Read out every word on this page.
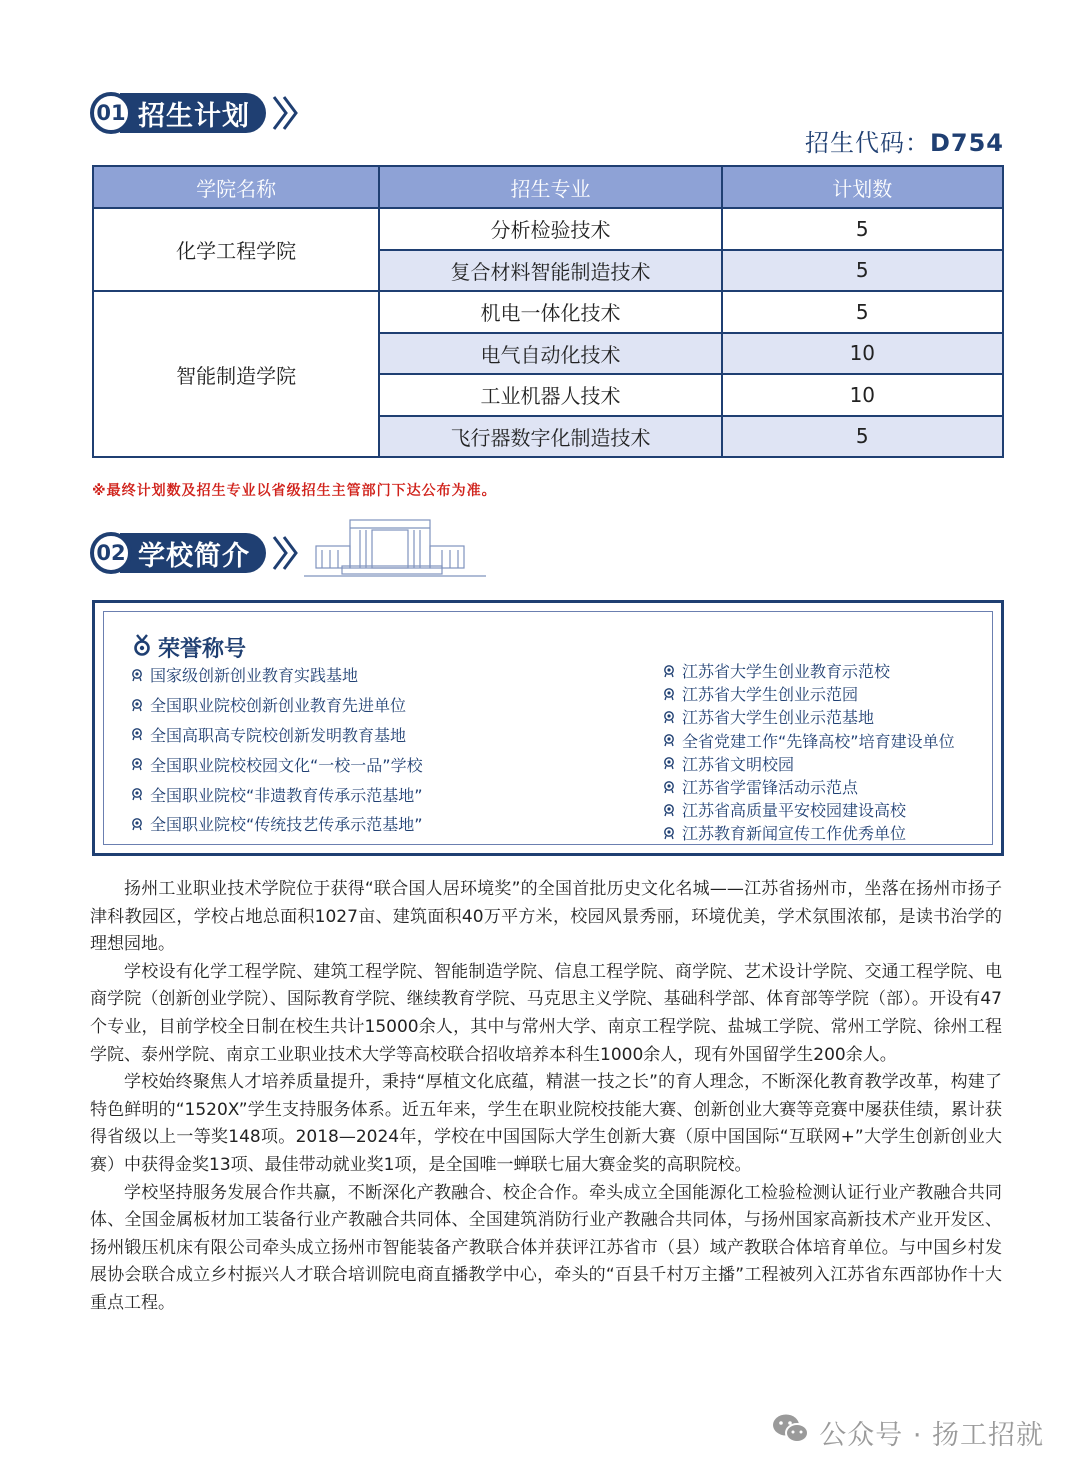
01 招生计划
招生代码：D754
学院名称	招生专业	计划数
化学工程学院	分析检验技术	5
	复合材料智能制造技术	5
智能制造学院	机电一体化技术	5
	电气自动化技术	10
	工业机器人技术	10
	飞行器数字化制造技术	5
※最终计划数及招生专业以省级招生主管部门下达公布为准。
02 学校简介
荣誉称号
国家级创新创业教育实践基地
全国职业院校创新创业教育先进单位
全国高职高专院校创新发明教育基地
全国职业院校校园文化“一校一品”学校
全国职业院校“非遗教育传承示范基地”
全国职业院校“传统技艺传承示范基地”
江苏省大学生创业教育示范校
江苏省大学生创业示范园
江苏省大学生创业示范基地
全省党建工作“先锋高校”培育建设单位
江苏省文明校园
江苏省学雷锋活动示范点
江苏省高质量平安校园建设高校
江苏教育新闻宣传工作优秀单位

扬州工业职业技术学院位于获得“联合国人居环境奖”的全国首批历史文化名城——江苏省扬州市，坐落在扬州市扬子津科教园区，学校占地总面积1027亩、建筑面积40万平方米，校园风景秀丽，环境优美，学术氛围浓郁，是读书治学的理想园地。

学校设有化学工程学院、建筑工程学院、智能制造学院、信息工程学院、商学院、艺术设计学院、交通工程学院、电商学院（创新创业学院）、国际教育学院、继续教育学院、马克思主义学院、基础科学部、体育部等学院（部）。开设有47个专业，目前学校全日制在校生共计15000余人，其中与常州大学、南京工程学院、盐城工学院、常州工学院、徐州工程学院、泰州学院、南京工业职业技术大学等高校联合招收培养本科生1000余人，现有外国留学生200余人。

学校始终聚焦人才培养质量提升，秉持“厚植文化底蕴，精湛一技之长”的育人理念，不断深化教育教学改革，构建了特色鲜明的“1520X”学生支持服务体系。近五年来，学生在职业院校技能大赛、创新创业大赛等竞赛中屡获佳绩，累计获得省级以上一等奖148项。2018—2024年，学校在中国国际大学生创新大赛（原中国国际“互联网+”大学生创新创业大赛）中获得金奖13项、最佳带动就业奖1项，是全国唯一蝉联七届大赛金奖的高职院校。

学校坚持服务发展合作共赢，不断深化产教融合、校企合作。牵头成立全国能源化工检验检测认证行业产教融合共同体、全国金属板材加工装备行业产教融合共同体、全国建筑消防行业产教融合共同体，与扬州国家高新技术产业开发区、扬州锻压机床有限公司牵头成立扬州市智能装备产教联合体并获评江苏省市（县）域产教联合体培育单位。与中国乡村发展协会联合成立乡村振兴人才联合培训院电商直播教学中心，牵头的“百县千村万主播”工程被列入江苏省东西部协作十大重点工程。

公众号 · 扬工招就
